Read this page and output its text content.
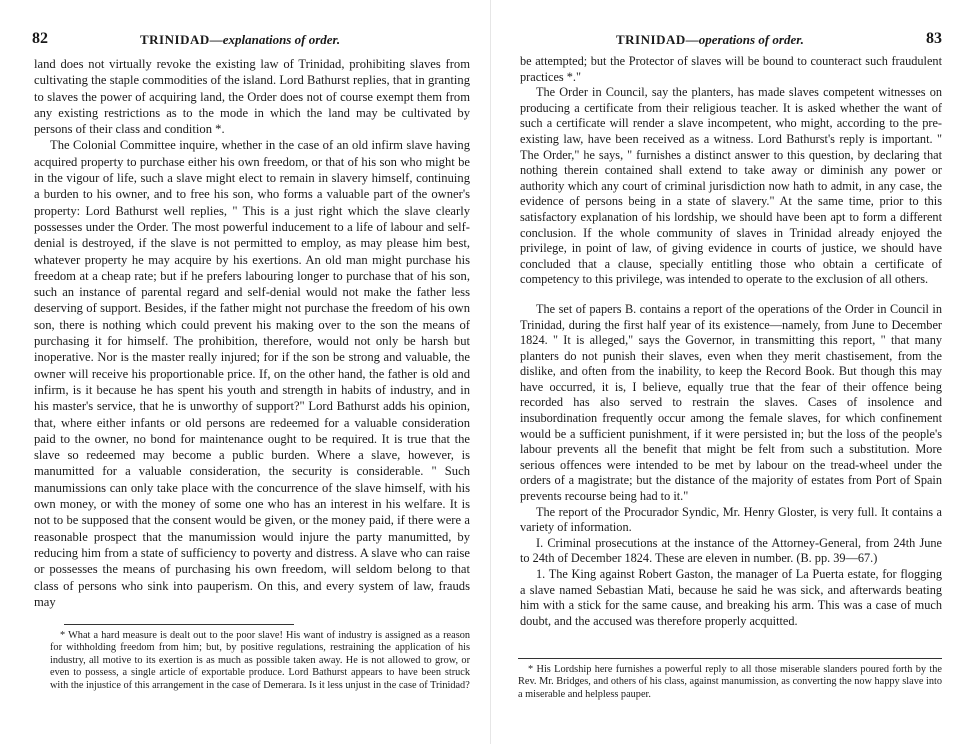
82	TRINIDAD—explanations of order.

land does not virtually revoke the existing law of Trinidad, prohibiting slaves from cultivating the staple commodities of the island. Lord Bathurst replies, that in granting to slaves the power of acquiring land, the Order does not of course exempt them from any existing restrictions as to the mode in which the land may be cultivated by persons of their class and condition *.

The Colonial Committee inquire, whether in the case of an old infirm slave having acquired property to purchase either his own freedom, or that of his son who might be in the vigour of life, such a slave might elect to remain in slavery himself, continuing a burden to his owner, and to free his son, who forms a valuable part of the owner's property: Lord Bathurst well replies, " This is a just right which the slave clearly possesses under the Order. The most powerful inducement to a life of labour and self-denial is destroyed, if the slave is not permitted to employ, as may please him best, whatever property he may acquire by his exertions. An old man might purchase his freedom at a cheap rate; but if he prefers labouring longer to purchase that of his son, such an instance of parental regard and self-denial would not make the father less deserving of support. Besides, if the father might not purchase the freedom of his own son, there is nothing which could prevent his making over to the son the means of purchasing it for himself. The prohibition, therefore, would not only be harsh but inoperative. Nor is the master really injured; for if the son be strong and valuable, the owner will receive his proportionable price. If, on the other hand, the father is old and infirm, is it because he has spent his youth and strength in habits of industry, and in his master's service, that he is unworthy of support?" Lord Bathurst adds his opinion, that, where either infants or old persons are redeemed for a valuable consideration paid to the owner, no bond for maintenance ought to be required. It is true that the slave so redeemed may become a public burden. Where a slave, however, is manumitted for a valuable consideration, the security is considerable. " Such manumissions can only take place with the concurrence of the slave himself, with his own money, or with the money of some one who has an interest in his welfare. It is not to be supposed that the consent would be given, or the money paid, if there were a reasonable prospect that the manumission would injure the party manumitted, by reducing him from a state of sufficiency to poverty and distress. A slave who can raise or possesses the means of purchasing his own freedom, will seldom belong to that class of persons who sink into pauperism. On this, and every system of law, frauds may

* What a hard measure is dealt out to the poor slave! His want of industry is assigned as a reason for withholding freedom from him; but, by positive regulations, restraining the application of his industry, all motive to its exertion is as much as possible taken away. He is not allowed to grow, or even to possess, a single article of exportable produce. Lord Bathurst appears to have been struck with the injustice of this arrangement in the case of Demerara. Is it less unjust in the case of Trinidad?

TRINIDAD—operations of order.	83

be attempted; but the Protector of slaves will be bound to counteract such fraudulent practices *."

The Order in Council, say the planters, has made slaves competent witnesses on producing a certificate from their religious teacher. It is asked whether the want of such a certificate will render a slave incompetent, who might, according to the pre-existing law, have been received as a witness. Lord Bathurst's reply is important. " The Order," he says, " furnishes a distinct answer to this question, by declaring that nothing therein contained shall extend to take away or diminish any power or authority which any court of criminal jurisdiction now hath to admit, in any case, the evidence of persons being in a state of slavery." At the same time, prior to this satisfactory explanation of his lordship, we should have been apt to form a different conclusion. If the whole community of slaves in Trinidad already enjoyed the privilege, in point of law, of giving evidence in courts of justice, we should have concluded that a clause, specially entitling those who obtain a certificate of competency to this privilege, was intended to operate to the exclusion of all others.

The set of papers B. contains a report of the operations of the Order in Council in Trinidad, during the first half year of its existence—namely, from June to December 1824. " It is alleged," says the Governor, in transmitting this report, " that many planters do not punish their slaves, even when they merit chastisement, from the dislike, and often from the inability, to keep the Record Book. But though this may have occurred, it is, I believe, equally true that the fear of their offence being recorded has also served to restrain the slaves. Cases of insolence and insubordination frequently occur among the female slaves, for which confinement would be a sufficient punishment, if it were persisted in; but the loss of the people's labour prevents all the benefit that might be felt from such a substitution. More serious offences were intended to be met by labour on the tread-wheel under the orders of a magistrate; but the distance of the majority of estates from Port of Spain prevents recourse being had to it."

The report of the Procurador Syndic, Mr. Henry Gloster, is very full. It contains a variety of information.

I. Criminal prosecutions at the instance of the Attorney-General, from 24th June to 24th of December 1824. These are eleven in number. (B. pp. 39—67.)

1. The King against Robert Gaston, the manager of La Puerta estate, for flogging a slave named Sebastian Mati, because he said he was sick, and afterwards beating him with a stick for the same cause, and breaking his arm. This was a case of much doubt, and the accused was therefore properly acquitted.

* His Lordship here furnishes a powerful reply to all those miserable slanders poured forth by the Rev. Mr. Bridges, and others of his class, against manumission, as converting the now happy slave into a miserable and helpless pauper.
